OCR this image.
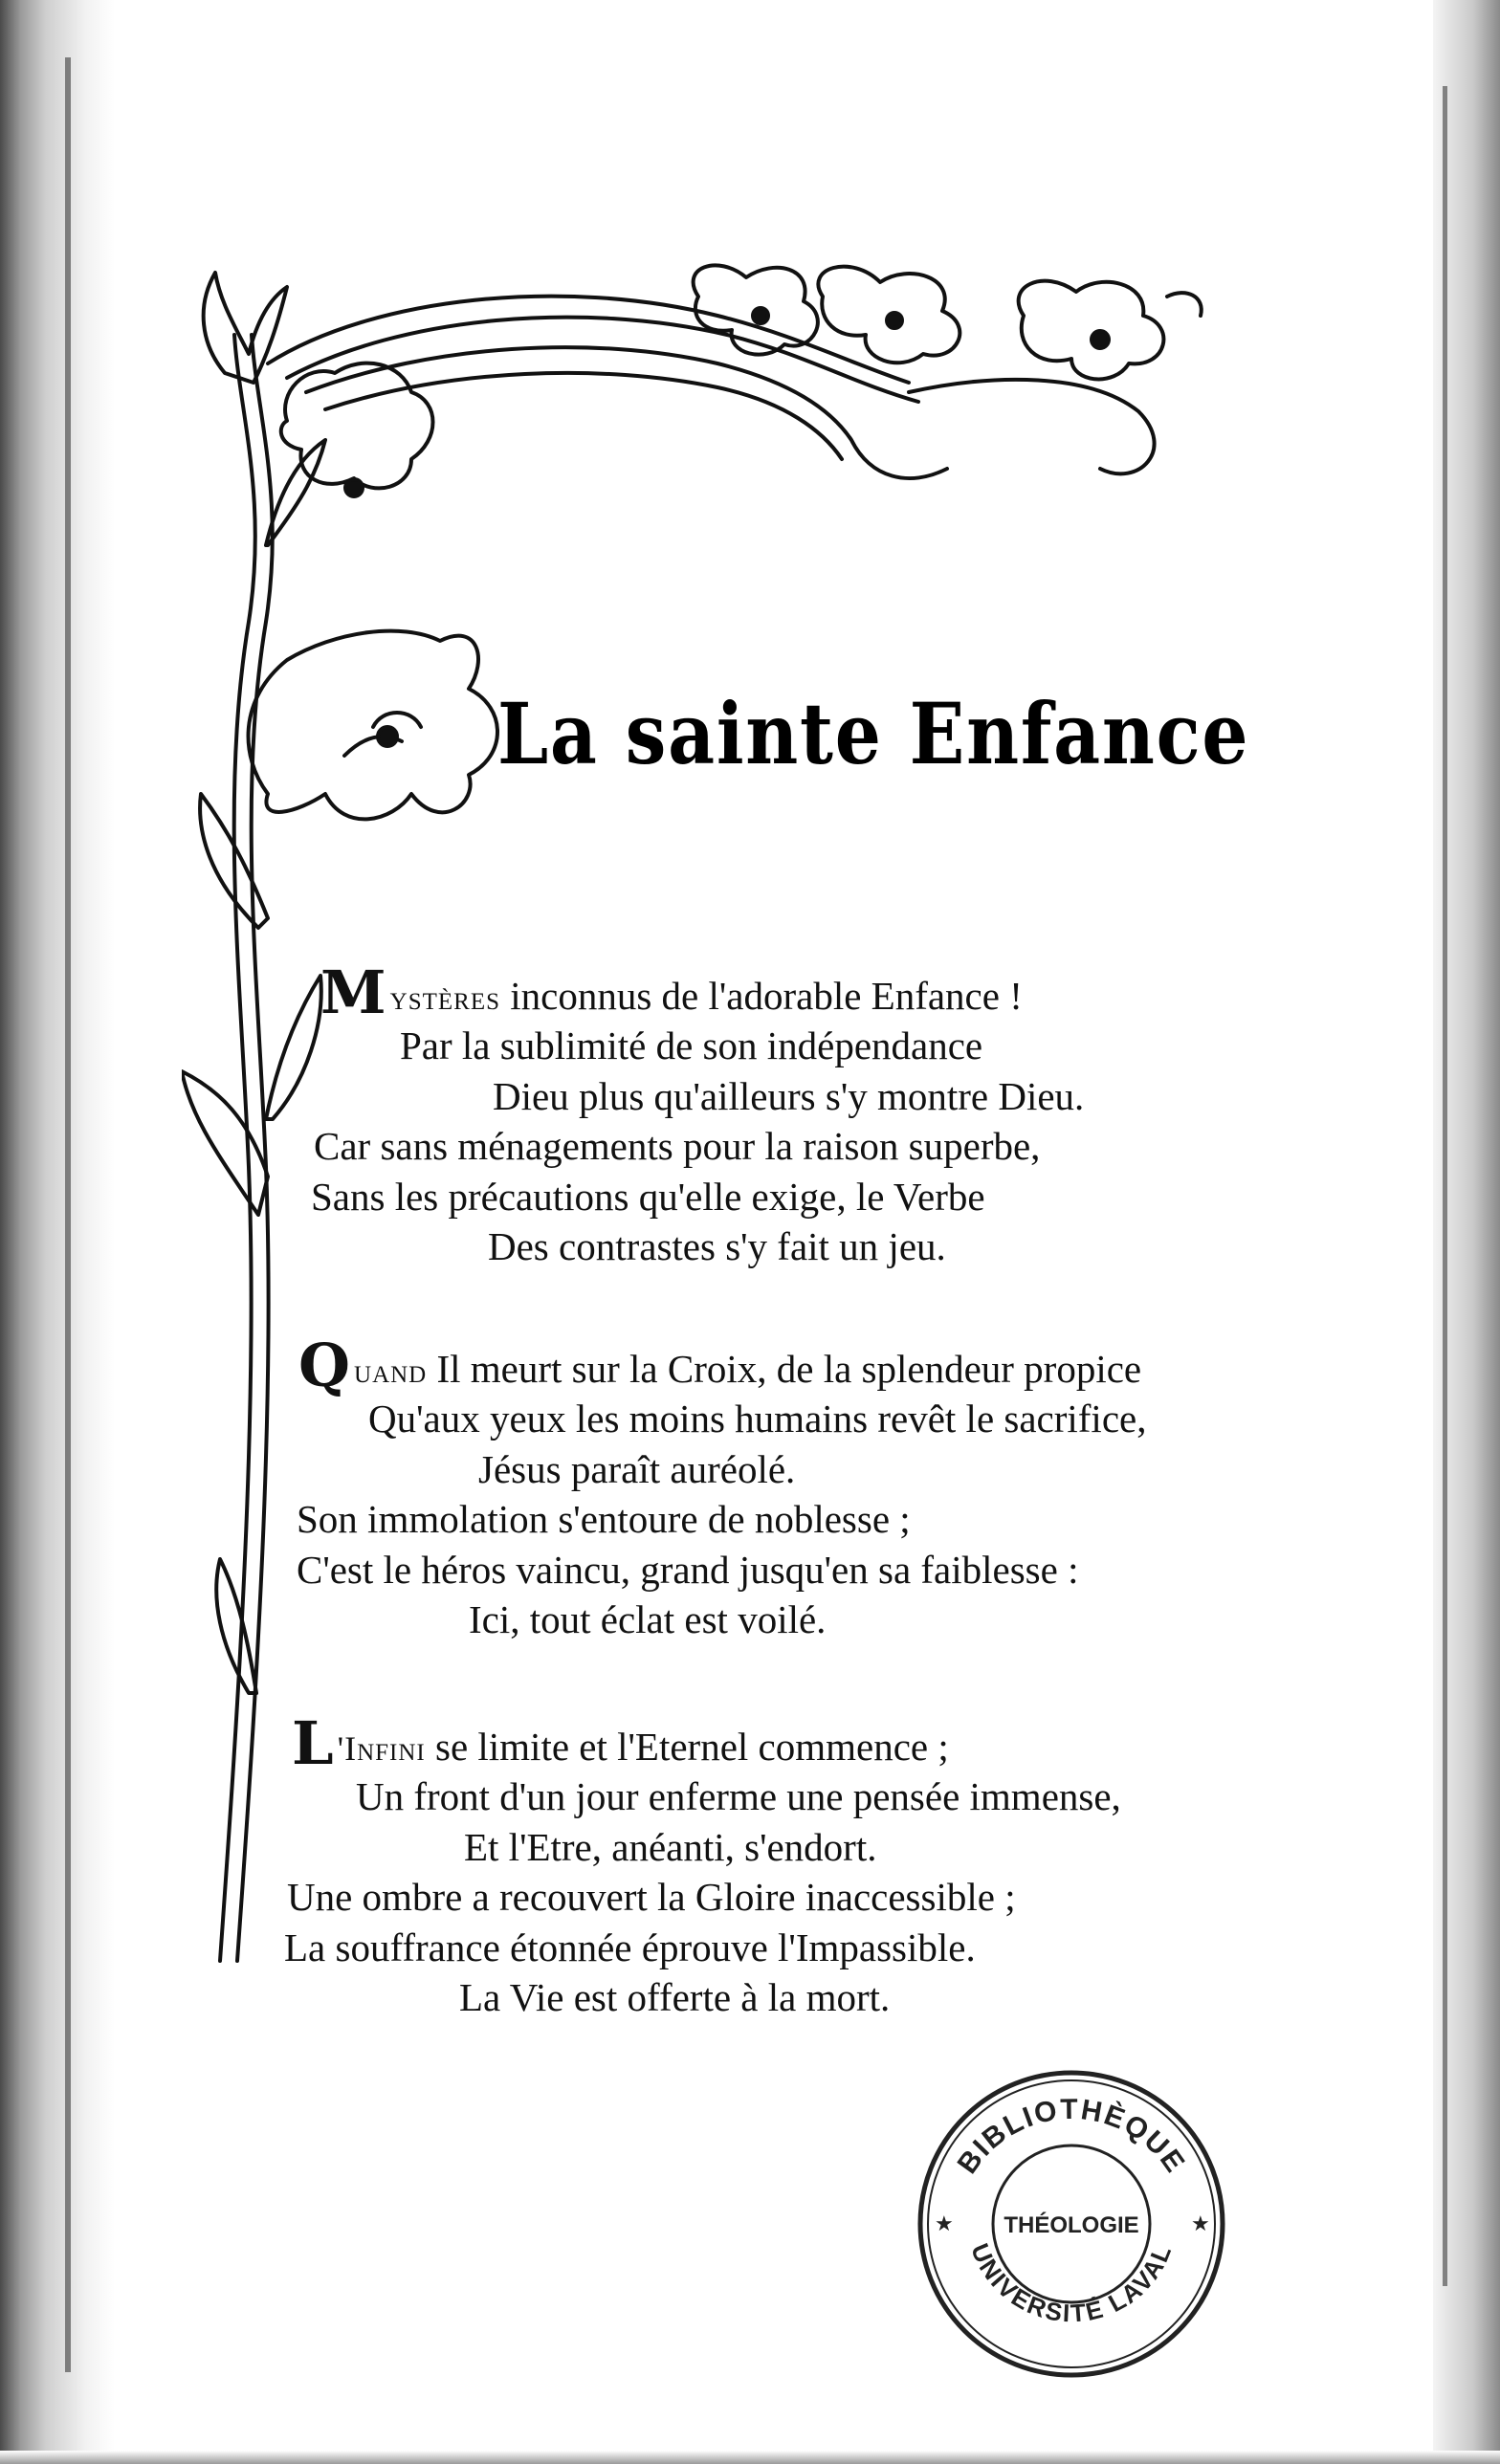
La sainte Enfance
Mystères inconnus de l'adorable Enfance !
Par la sublimité de son indépendance
Dieu plus qu'ailleurs s'y montre Dieu.
Car sans ménagements pour la raison superbe,
Sans les précautions qu'elle exige, le Verbe
Des contrastes s'y fait un jeu.
Quand Il meurt sur la Croix, de la splendeur propice
Qu'aux yeux les moins humains revêt le sacrifice,
Jésus paraît auréolé.
Son immolation s'entoure de noblesse ;
C'est le héros vaincu, grand jusqu'en sa faiblesse :
Ici, tout éclat est voilé.
L 'Infini se limite et l'Eternel commence ;
Un front d'un jour enferme une pensée immense,
Et l'Etre, anéanti, s'endort.
Une ombre a recouvert la Gloire inaccessible ;
La souffrance étonnée éprouve l'Impassible.
La Vie est offerte à la mort.
BIBLIOTHÈQUE
UNIVERSITÉ LAVAL
THÉOLOGIE
★	★
